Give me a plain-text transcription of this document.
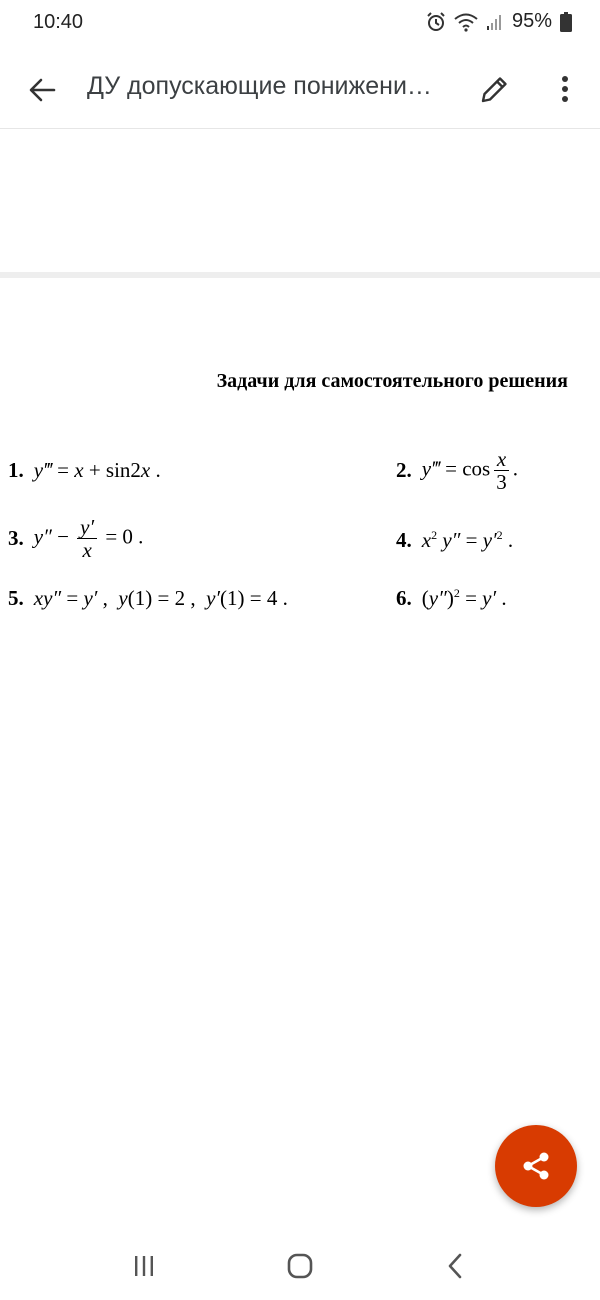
10:40	95%
ДУ допускающие понижени…
Задачи для самостоятельного решения
1. y‴ = x + sin2x .	2. y‴ = $\cos \frac{x}{3}$ .
3. $y'' - \frac{y'}{x} = 0$ .	4. $x^2$ $y'' = y'^2$ .
5. xy″ = y′ ,  y(1) = 2 ,  y′(1) = 4 .	6. $(y'')^2 = y'$ .
